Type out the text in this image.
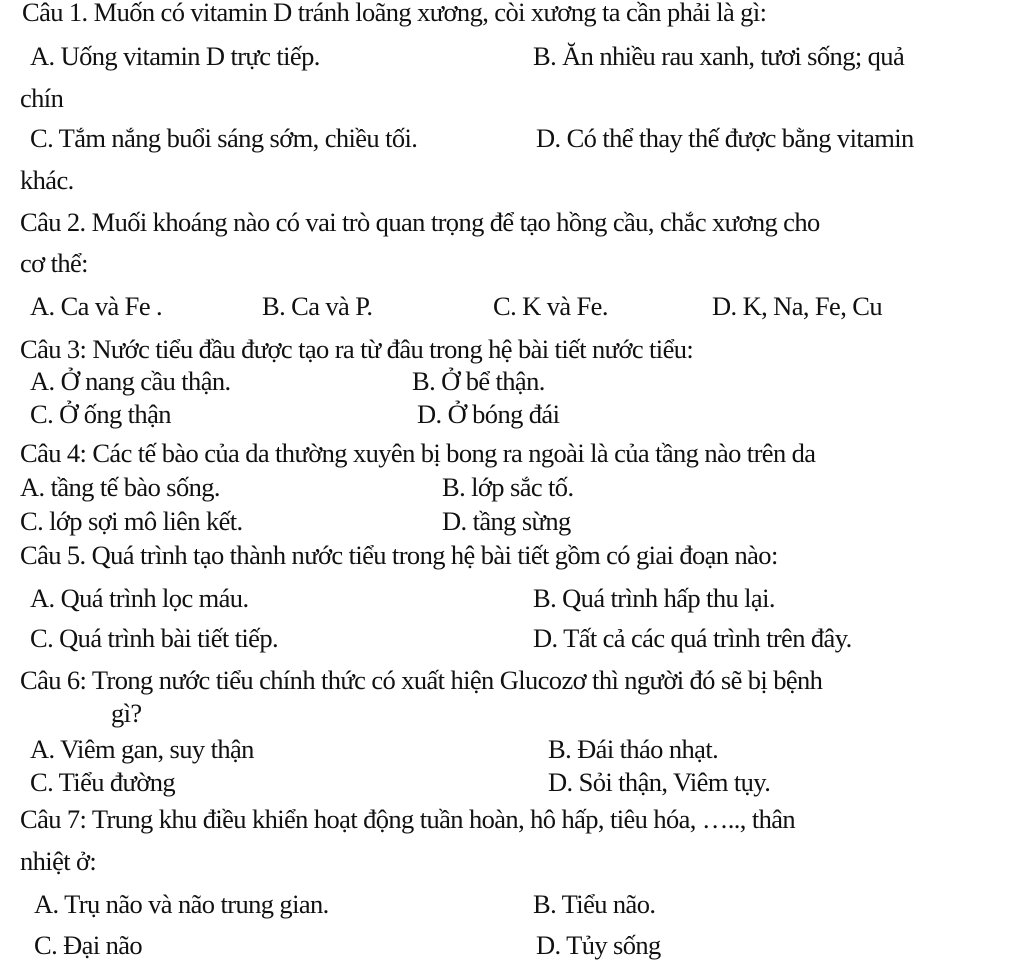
Câu 1. Muốn có vitamin D tránh loãng xương, còi xương ta cần phải là gì:
A. Uống vitamin D trực tiếp.	B. Ăn nhiều rau xanh, tươi sống; quả
chín
C. Tắm nắng buổi sáng sớm, chiều tối.	D. Có thể thay thế được bằng vitamin
khác.
Câu 2. Muối khoáng nào có vai trò quan trọng để tạo hồng cầu, chắc xương cho
cơ thể:
A. Ca và Fe .	B. Ca và P.	C. K và Fe.	D. K, Na, Fe, Cu
Câu 3: Nước tiểu đầu được tạo ra từ đâu trong hệ bài tiết nước tiểu:
A. Ở nang cầu thận.	B. Ở bể thận.
C. Ở ống thận	D. Ở bóng đái
Câu 4: Các tế bào của da thường xuyên bị bong ra ngoài là của tầng nào trên da
A. tầng tế bào sống.	B. lớp sắc tố.
C. lớp sợi mô liên kết.	D. tầng sừng
Câu 5. Quá trình tạo thành nước tiểu trong hệ bài tiết gồm có giai đoạn nào:
A. Quá trình lọc máu.	B. Quá trình hấp thu lại.
C. Quá trình bài tiết tiếp.	D. Tất cả các quá trình trên đây.
Câu 6: Trong nước tiểu chính thức có xuất hiện Glucozơ thì người đó sẽ bị bệnh
gì?
A. Viêm gan, suy thận	B. Đái tháo nhạt.
C. Tiểu đường	D. Sỏi thận, Viêm tụy.
Câu 7: Trung khu điều khiển hoạt động tuần hoàn, hô hấp, tiêu hóa, ….., thân
nhiệt ở:
A. Trụ não và não trung gian.	B. Tiểu não.
C. Đại não	D. Tủy sống
